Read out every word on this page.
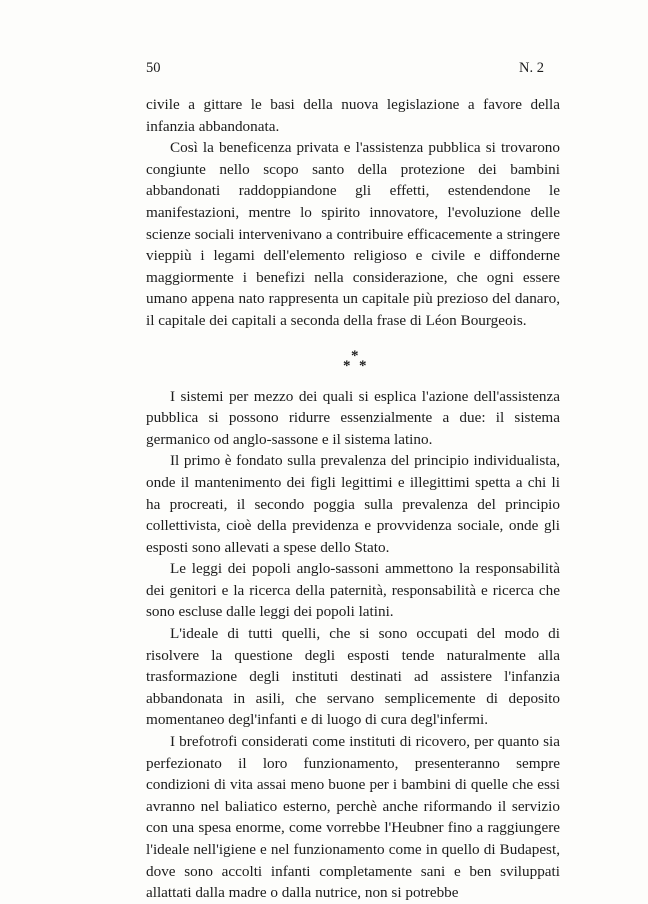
50	N. 2

civile a gittare le basi della nuova legislazione a favore della infanzia abbandonata.

Così la beneficenza privata e l'assistenza pubblica si trovarono congiunte nello scopo santo della protezione dei bambini abbandonati raddoppiandone gli effetti, estendendone le manifestazioni, mentre lo spirito innovatore, l'evoluzione delle scienze sociali intervenivano a contribuire efficacemente a stringere vieppiù i legami dell'elemento religioso e civile e diffonderne maggiormente i benefizi nella considerazione, che ogni essere umano appena nato rappresenta un capitale più prezioso del danaro, il capitale dei capitali a seconda della frase di Léon Bourgeois.

*
* *

I sistemi per mezzo dei quali si esplica l'azione dell'assistenza pubblica si possono ridurre essenzialmente a due: il sistema germanico od anglo-sassone e il sistema latino.

Il primo è fondato sulla prevalenza del principio individualista, onde il mantenimento dei figli legittimi e illegittimi spetta a chi li ha procreati, il secondo poggia sulla prevalenza del principio collettivista, cioè della previdenza e provvidenza sociale, onde gli esposti sono allevati a spese dello Stato.

Le leggi dei popoli anglo-sassoni ammettono la responsabilità dei genitori e la ricerca della paternità, responsabilità e ricerca che sono escluse dalle leggi dei popoli latini.

L'ideale di tutti quelli, che si sono occupati del modo di risolvere la questione degli esposti tende naturalmente alla trasformazione degli instituti destinati ad assistere l'infanzia abbandonata in asili, che servano semplicemente di deposito momentaneo degl'infanti e di luogo di cura degl'infermi.

I brefotrofi considerati come instituti di ricovero, per quanto sia perfezionato il loro funzionamento, presenteranno sempre condizioni di vita assai meno buone per i bambini di quelle che essi avranno nel baliatico esterno, perchè anche riformando il servizio con una spesa enorme, come vorrebbe l'Heubner fino a raggiungere l'ideale nell'igiene e nel funzionamento come in quello di Budapest, dove sono accolti infanti completamente sani e ben sviluppati allattati dalla madre o dalla nutrice, non si potrebbe
